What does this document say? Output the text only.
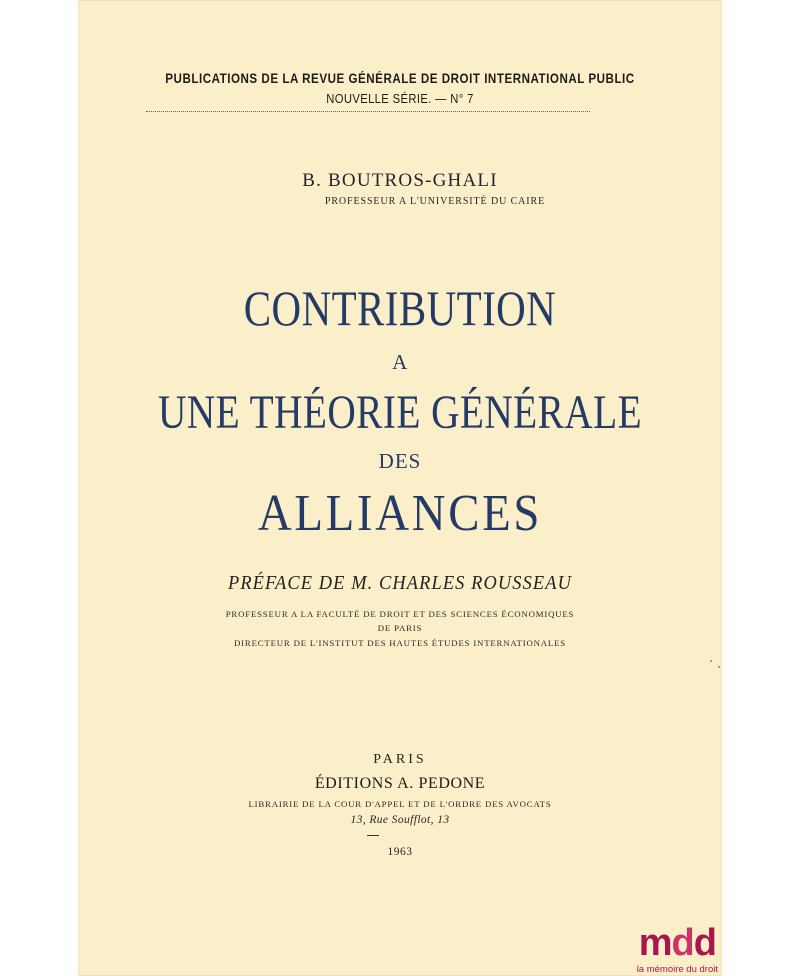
PUBLICATIONS DE LA REVUE GÉNÉRALE DE DROIT INTERNATIONAL PUBLIC
NOUVELLE SÉRIE. — N° 7
B. BOUTROS-GHALI
PROFESSEUR A L'UNIVERSITÉ DU CAIRE
CONTRIBUTION
A
UNE THÉORIE GÉNÉRALE
DES
ALLIANCES
PRÉFACE DE M. CHARLES ROUSSEAU
PROFESSEUR A LA FACULTÉ DE DROIT ET DES SCIENCES ÉCONOMIQUES
DE PARIS
DIRECTEUR DE L'INSTITUT DES HAUTES ÉTUDES INTERNATIONALES
PARIS
ÉDITIONS A. PEDONE
LIBRAIRIE DE LA COUR D'APPEL ET DE L'ORDRE DES AVOCATS
13, Rue Soufflot, 13
1963
mdd
la mémoire du droit
